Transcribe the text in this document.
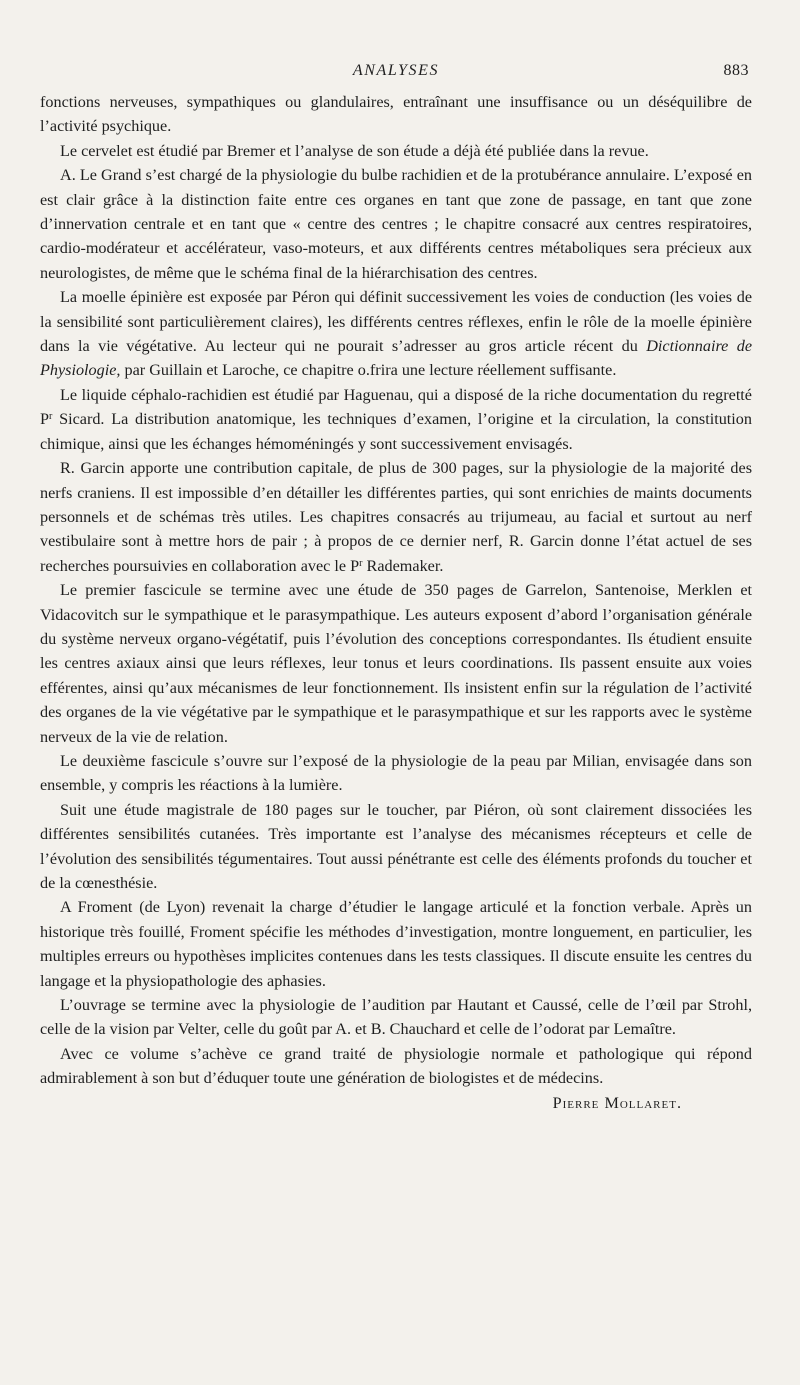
ANALYSES	883

fonctions nerveuses, sympathiques ou glandulaires, entraînant une insuffisance ou un déséquilibre de l’activité psychique.

Le cervelet est étudié par Bremer et l’analyse de son étude a déjà été publiée dans la revue.

A. Le Grand s’est chargé de la physiologie du bulbe rachidien et de la protubérance annulaire. L’exposé en est clair grâce à la distinction faite entre ces organes en tant que zone de passage, en tant que zone d’innervation centrale et en tant que « centre des centres ; le chapitre consacré aux centres respiratoires, cardio-modérateur et accélérateur, vaso-moteurs, et aux différents centres métaboliques sera précieux aux neurologistes, de même que le schéma final de la hiérarchisation des centres.

La moelle épinière est exposée par Péron qui définit successivement les voies de conduction (les voies de la sensibilité sont particulièrement claires), les différents centres réflexes, enfin le rôle de la moelle épinière dans la vie végétative. Au lecteur qui ne pourait s’adresser au gros article récent du Dictionnaire de Physiologie, par Guillain et Laroche, ce chapitre o.frira une lecture réellement suffisante.

Le liquide céphalo-rachidien est étudié par Haguenau, qui a disposé de la riche documentation du regretté $P^r$ Sicard. La distribution anatomique, les techniques d’examen, l’origine et la circulation, la constitution chimique, ainsi que les échanges hémoméningés y sont successivement envisagés.

R. Garcin apporte une contribution capitale, de plus de 300 pages, sur la physiologie de la majorité des nerfs craniens. Il est impossible d’en détailler les différentes parties, qui sont enrichies de maints documents personnels et de schémas très utiles. Les chapitres consacrés au trijumeau, au facial et surtout au nerf vestibulaire sont à mettre hors de pair ; à propos de ce dernier nerf, R. Garcin donne l’état actuel de ses recherches poursuivies en collaboration avec le $P^r$ Rademaker.

Le premier fascicule se termine avec une étude de 350 pages de Garrelon, Santenoise, Merklen et Vidacovitch sur le sympathique et le parasympathique. Les auteurs exposent d’abord l’organisation générale du système nerveux organo-végétatif, puis l’évolution des conceptions correspondantes. Ils étudient ensuite les centres axiaux ainsi que leurs réflexes, leur tonus et leurs coordinations. Ils passent ensuite aux voies efférentes, ainsi qu’aux mécanismes de leur fonctionnement. Ils insistent enfin sur la régulation de l’activité des organes de la vie végétative par le sympathique et le parasympathique et sur les rapports avec le système nerveux de la vie de relation.

Le deuxième fascicule s’ouvre sur l’exposé de la physiologie de la peau par Milian, envisagée dans son ensemble, y compris les réactions à la lumière.

Suit une étude magistrale de 180 pages sur le toucher, par Piéron, où sont clairement dissociées les différentes sensibilités cutanées. Très importante est l’analyse des mécanismes récepteurs et celle de l’évolution des sensibilités tégumentaires. Tout aussi pénétrante est celle des éléments profonds du toucher et de la cœnesthésie.

A Froment (de Lyon) revenait la charge d’étudier le langage articulé et la fonction verbale. Après un historique très fouillé, Froment spécifie les méthodes d’investigation, montre longuement, en particulier, les multiples erreurs ou hypothèses implicites contenues dans les tests classiques. Il discute ensuite les centres du langage et la physiopathologie des aphasies.

L’ouvrage se termine avec la physiologie de l’audition par Hautant et Caussé, celle de l’œil par Strohl, celle de la vision par Velter, celle du goût par A. et B. Chauchard et celle de l’odorat par Lemaître.

Avec ce volume s’achève ce grand traité de physiologie normale et pathologique qui répond admirablement à son but d’éduquer toute une génération de biologistes et de médecins.

Pierre Mollaret.
